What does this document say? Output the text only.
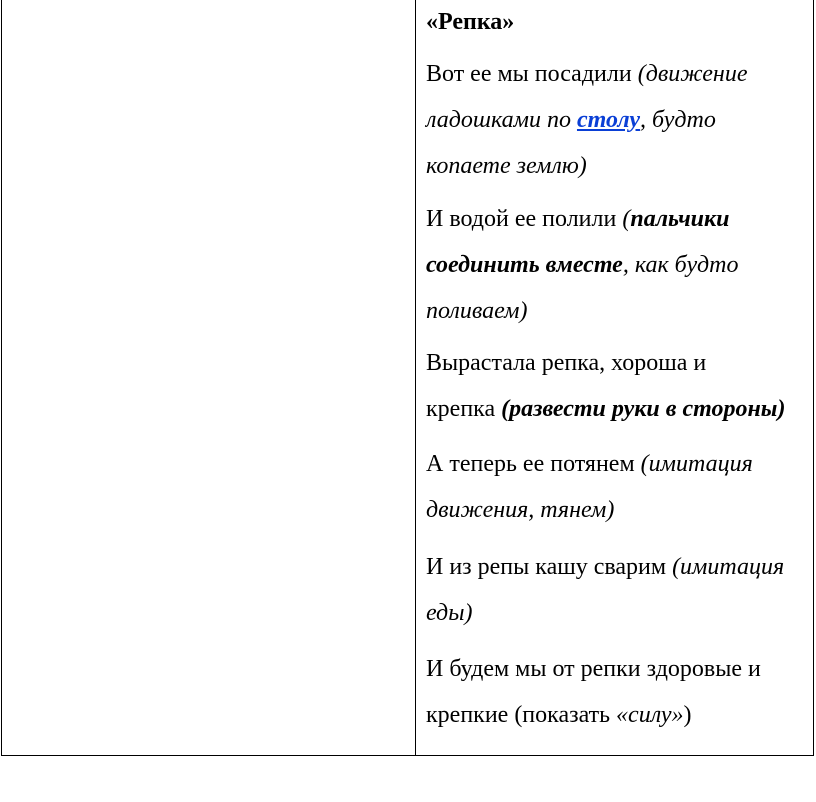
«Репка»
Вот ее мы посадили (движение
ладошками по столу, будто
копаете землю)
И водой ее полили (пальчики
соединить вместе, как будто
поливаем)
Вырастала репка, хороша и
крепка (развести руки в стороны)
А теперь ее потянем (имитация
движения, тянем)
И из репы кашу сварим (имитация
еды)
И будем мы от репки здоровые и
крепкие (показать «силу»)
